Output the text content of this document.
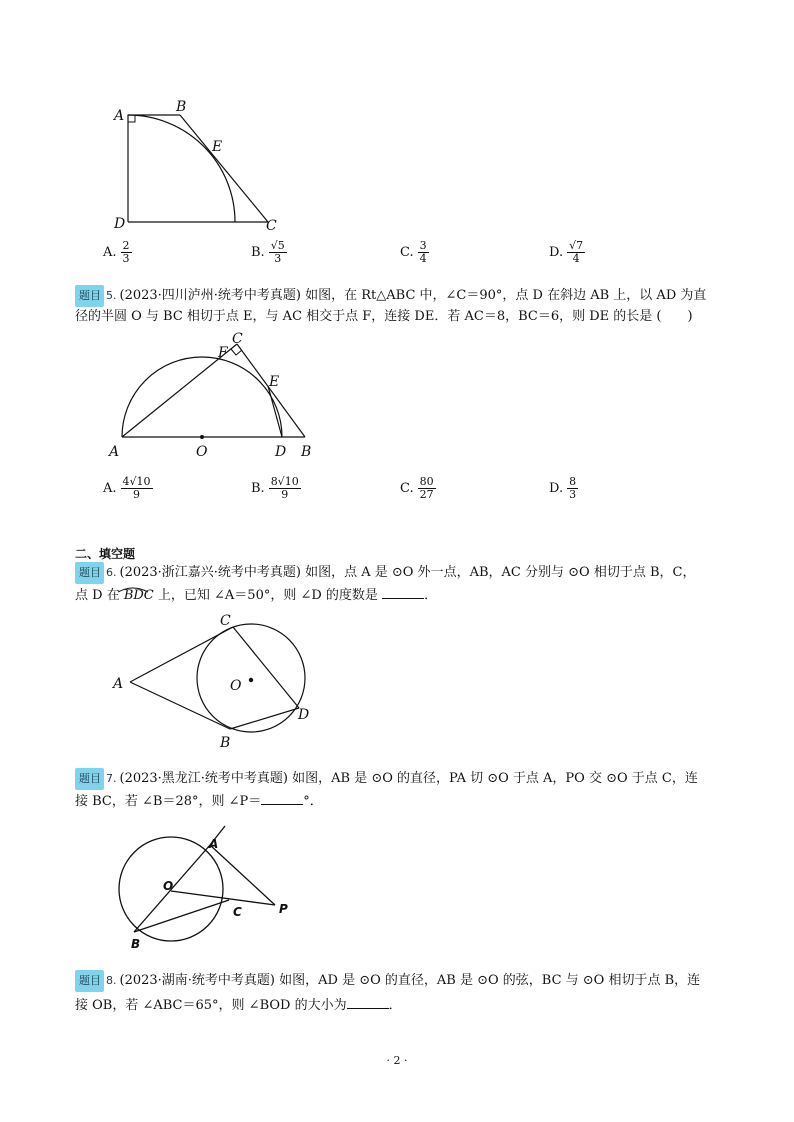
A
B
E
D	C
A. $\frac{2}{3}$	B. $\frac{√5}{3}$	C. $\frac{3}{4}$	D. $\frac{√7}{4}$
题目 5. (2023·四川泸州·统考中考真题) 如图，在 Rt△ABC 中，∠C＝90°，点 D 在斜边 AB 上，以 AD 为直
径的半圆 O 与 BC 相切于点 E，与 AC 相交于点 F，连接 DE．若 AC＝8，BC＝6，则 DE 的长是 (　　)
A	O	D B
C
E
F
A. $\frac{4√10}{9}$	B. $\frac{8√10}{9}$	C. $\frac{80}{27}$	D. $\frac{8}{3}$
二、填空题
题目 6. (2023·浙江嘉兴·统考中考真题) 如图，点 A 是 ⊙O 外一点，AB，AC 分别与 ⊙O 相切于点 B，C，
点 D 在 BDC 上，已知 ∠A＝50°，则 ∠D 的度数是	．
A
C
O
D
B
题目 7. (2023·黑龙江·统考中考真题) 如图，AB 是 ⊙O 的直径，PA 切 ⊙O 于点 A，PO 交 ⊙O 于点 C，连
接 BC，若 ∠B＝28°，则 ∠P＝	°．
A
O
C	P
B
题目 8. (2023·湖南·统考中考真题) 如图，AD 是 ⊙O 的直径，AB 是 ⊙O 的弦，BC 与 ⊙O 相切于点 B，连
接 OB，若 ∠ABC＝65°，则 ∠BOD 的大小为	．
· 2 ·
